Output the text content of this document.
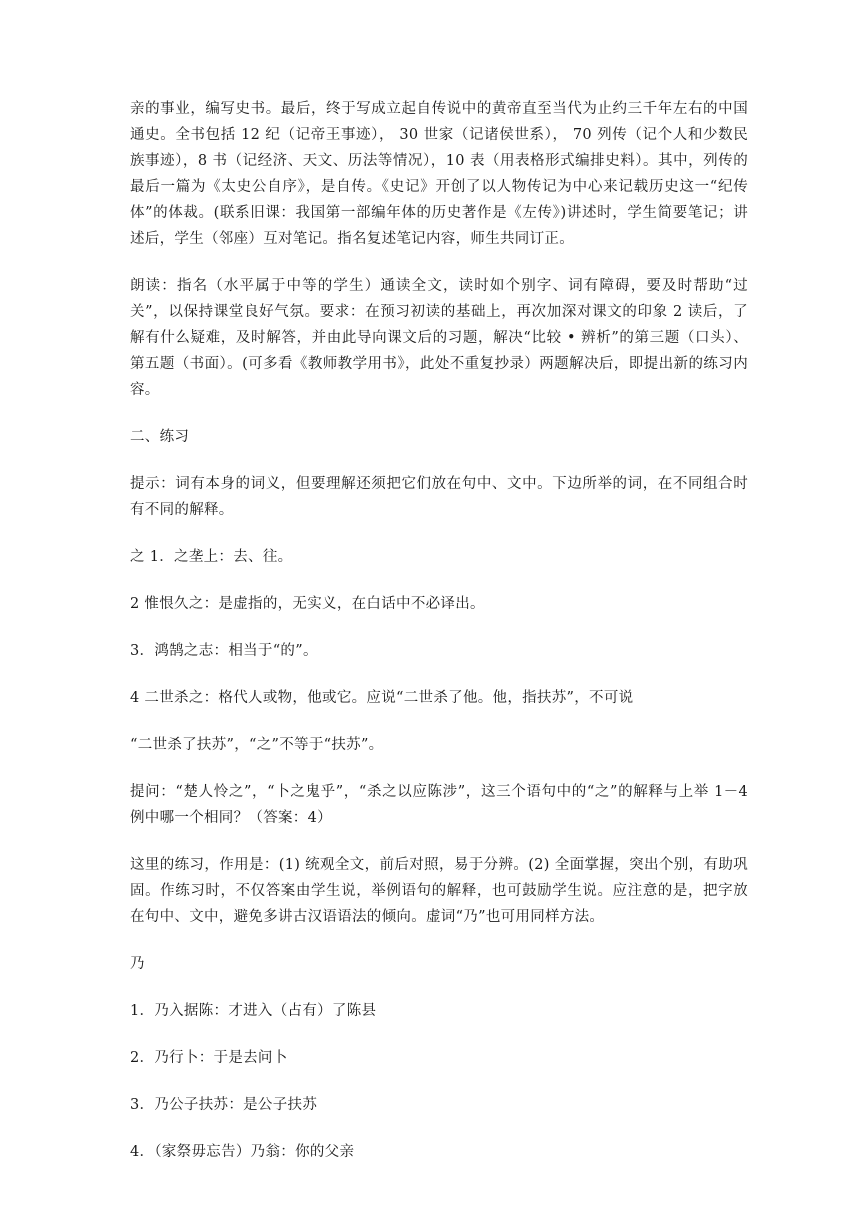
亲的事业，编写史书。最后，终于写成立起自传说中的黄帝直至当代为止约三千年左右的中国通史。全书包括 12 纪（记帝王事迹）， 30 世家（记诸侯世系）， 70 列传（记个人和少数民族事迹），8 书（记经济、天文、历法等情况），10 表（用表格形式编排史料）。其中，列传的最后一篇为《太史公自序》，是自传。《史记》开创了以人物传记为中心来记载历史这一“纪传体”的体裁。(联系旧课：我国第一部编年体的历史著作是《左传》)讲述时，学生简要笔记；讲述后，学生（邻座）互对笔记。指名复述笔记内容，师生共同订正。

朗读：指名（水平属于中等的学生）通读全文，读时如个别字、词有障碍，要及时帮助“过关”，以保持课堂良好气氛。要求：在预习初读的基础上，再次加深对课文的印象 2 读后，了解有什么疑难，及时解答，并由此导向课文后的习题，解决“比较 • 辨析”的第三题（口头）、第五题（书面）。(可多看《教师教学用书》，此处不重复抄录）两题解决后，即提出新的练习内容。

二、练习

提示：词有本身的词义，但要理解还须把它们放在句中、文中。下边所举的词，在不同组合时有不同的解释。

之 1．之垄上：去、往。

2 惟恨久之：是虚指的，无实义，在白话中不必译出。

3．鸿鹄之志：相当于“的”。

4 二世杀之：格代人或物，他或它。应说“二世杀了他。他，指扶苏”，不可说

“二世杀了扶苏”，“之”不等于“扶苏”。

提问：“楚人怜之”，“卜之鬼乎”，“杀之以应陈涉”，这三个语句中的“之”的解释与上举 1－4 例中哪一个相同？（答案：4）

这里的练习，作用是：(1) 统观全文，前后对照，易于分辨。(2) 全面掌握，突出个别，有助巩固。作练习时，不仅答案由学生说，举例语句的解释，也可鼓励学生说。应注意的是，把字放在句中、文中，避免多讲古汉语语法的倾向。虚词“乃”也可用同样方法。

乃

1．乃入据陈：才进入（占有）了陈县

2．乃行卜：于是去问卜

3．乃公子扶苏：是公子扶苏

4．（家祭毋忘告）乃翁：你的父亲
